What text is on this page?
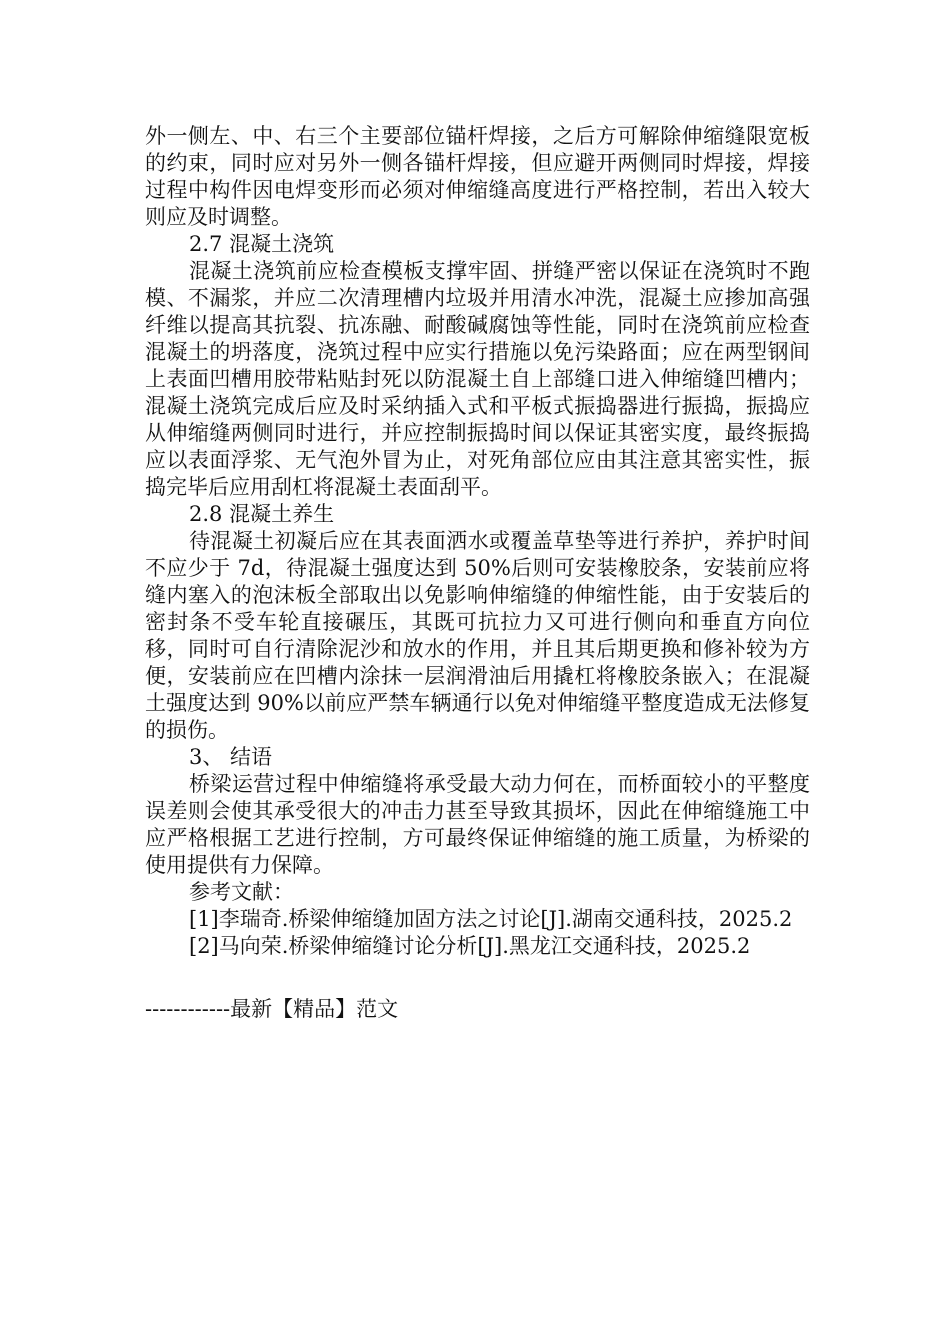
外一侧左、中、右三个主要部位锚杆焊接，之后方可解除伸缩缝限宽板的约束，同时应对另外一侧各锚杆焊接，但应避开两侧同时焊接，焊接过程中构件因电焊变形而必须对伸缩缝高度进行严格控制，若出入较大则应及时调整。

2.7 混凝土浇筑

混凝土浇筑前应检查模板支撑牢固、拼缝严密以保证在浇筑时不跑模、不漏浆，并应二次清理槽内垃圾并用清水冲洗，混凝土应掺加高强纤维以提高其抗裂、抗冻融、耐酸碱腐蚀等性能，同时在浇筑前应检查混凝土的坍落度，浇筑过程中应实行措施以免污染路面；应在两型钢间上表面凹槽用胶带粘贴封死以防混凝土自上部缝口进入伸缩缝凹槽内；混凝土浇筑完成后应及时采纳插入式和平板式振捣器进行振捣，振捣应从伸缩缝两侧同时进行，并应控制振捣时间以保证其密实度，最终振捣应以表面浮浆、无气泡外冒为止，对死角部位应由其注意其密实性，振捣完毕后应用刮杠将混凝土表面刮平。

2.8 混凝土养生

待混凝土初凝后应在其表面洒水或覆盖草垫等进行养护，养护时间不应少于 7d，待混凝土强度达到 50%后则可安装橡胶条，安装前应将缝内塞入的泡沫板全部取出以免影响伸缩缝的伸缩性能，由于安装后的密封条不受车轮直接碾压，其既可抗拉力又可进行侧向和垂直方向位移，同时可自行清除泥沙和放水的作用，并且其后期更换和修补较为方便，安装前应在凹槽内涂抹一层润滑油后用撬杠将橡胶条嵌入；在混凝土强度达到 90%以前应严禁车辆通行以免对伸缩缝平整度造成无法修复的损伤。

3、 结语

桥梁运营过程中伸缩缝将承受最大动力何在，而桥面较小的平整度误差则会使其承受很大的冲击力甚至导致其损坏，因此在伸缩缝施工中应严格根据工艺进行控制，方可最终保证伸缩缝的施工质量，为桥梁的使用提供有力保障。

参考文献：

[1]李瑞奇.桥梁伸缩缝加固方法之讨论[J].湖南交通科技，2025.2

[2]马向荣.桥梁伸缩缝讨论分析[J].黑龙江交通科技，2025.2

------------最新【精品】范文
